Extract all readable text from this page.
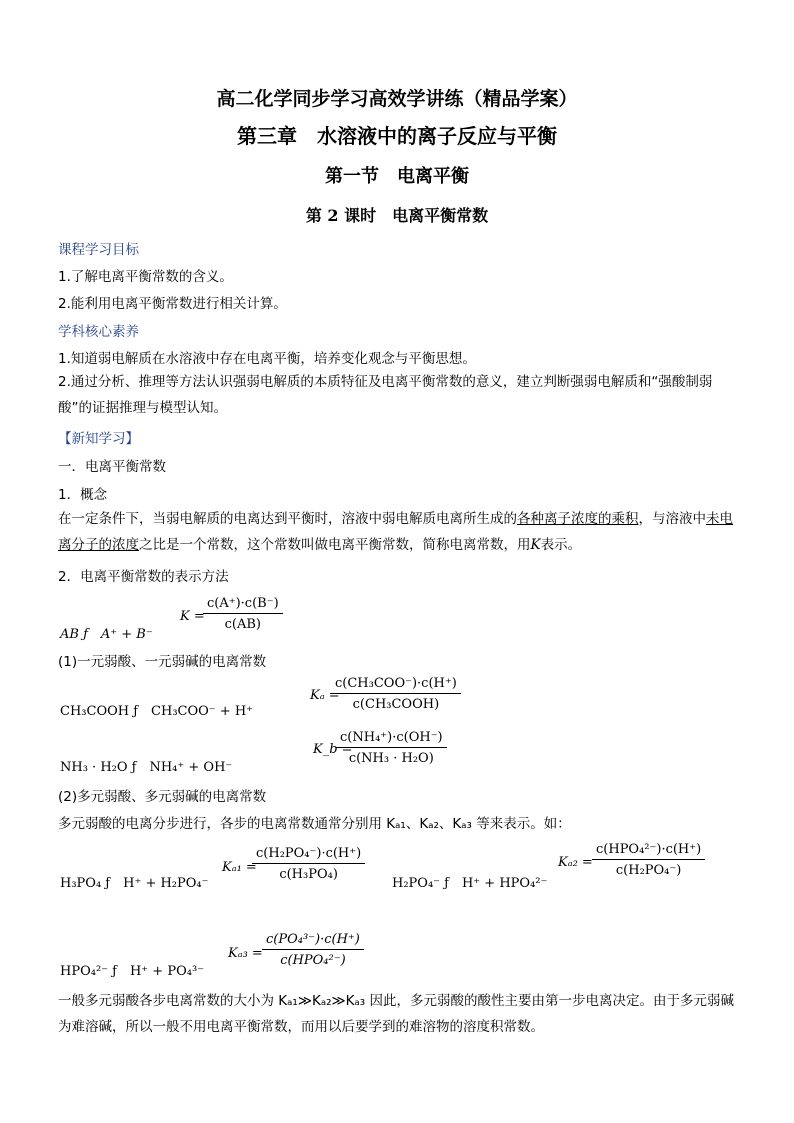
高二化学同步学习高效学讲练（精品学案）
第三章　水溶液中的离子反应与平衡
第一节　电离平衡
第 2 课时　电离平衡常数
课程学习目标
1.了解电离平衡常数的含义。
2.能利用电离平衡常数进行相关计算。
学科核心素养
1.知道弱电解质在水溶液中存在电离平衡，培养变化观念与平衡思想。
2.通过分析、推理等方法认识强弱电解质的本质特征及电离平衡常数的意义，建立判断强弱电解质和“强酸制弱酸”的证据推理与模型认知。
【新知学习】
一．电离平衡常数
1．概念
在一定条件下，当弱电解质的电离达到平衡时，溶液中弱电解质电离所生成的各种离子浓度的乘积，与溶液中未电离分子的浓度之比是一个常数，这个常数叫做电离平衡常数，简称电离常数，用K表示。
2．电离平衡常数的表示方法
AB ƒ　A⁺ + B⁻
K =
$\frac{c(A^+)\cdot c(B^-)}{c(AB)}$
(1)一元弱酸、一元弱碱的电离常数
CH₃COOH ƒ　CH₃COO⁻ + H⁺
Kₐ =
c(CH₃COO⁻)·c(H⁺)
c(CH₃COOH)
NH₃ · H₂O ƒ　NH₄⁺ + OH⁻
K_b =
$\frac{\text{c(NH₄⁺)·c(OH⁻)}}{\text{c(NH₃ · H₂O)}}$
(2)多元弱酸、多元弱碱的电离常数
多元弱酸的电离分步进行，各步的电离常数通常分别用 Kₐ₁、Kₐ₂、Kₐ₃ 等来表示。如：
H₃PO₄ ƒ　H⁺ + H₂PO₄⁻
Kₐ₁ =
$\frac{\text{c(H₂PO₄⁻)·c(H⁺)}}{\text{c(H₃PO₄)}}$
H₂PO₄⁻ ƒ　H⁺ + HPO₄²⁻
Kₐ₂ =
c(HPO₄²⁻)·c(H⁺)
c(H₂PO₄⁻)
HPO₄²⁻ ƒ　H⁺ + PO₄³⁻
Kₐ₃ =
c(PO₄³⁻)·c(H⁺)
c(HPO₄²⁻)
一般多元弱酸各步电离常数的大小为 Kₐ₁≫Kₐ₂≫Kₐ₃ 因此，多元弱酸的酸性主要由第一步电离决定。由于多元弱碱为难溶碱，所以一般不用电离平衡常数，而用以后要学到的难溶物的溶度积常数。
